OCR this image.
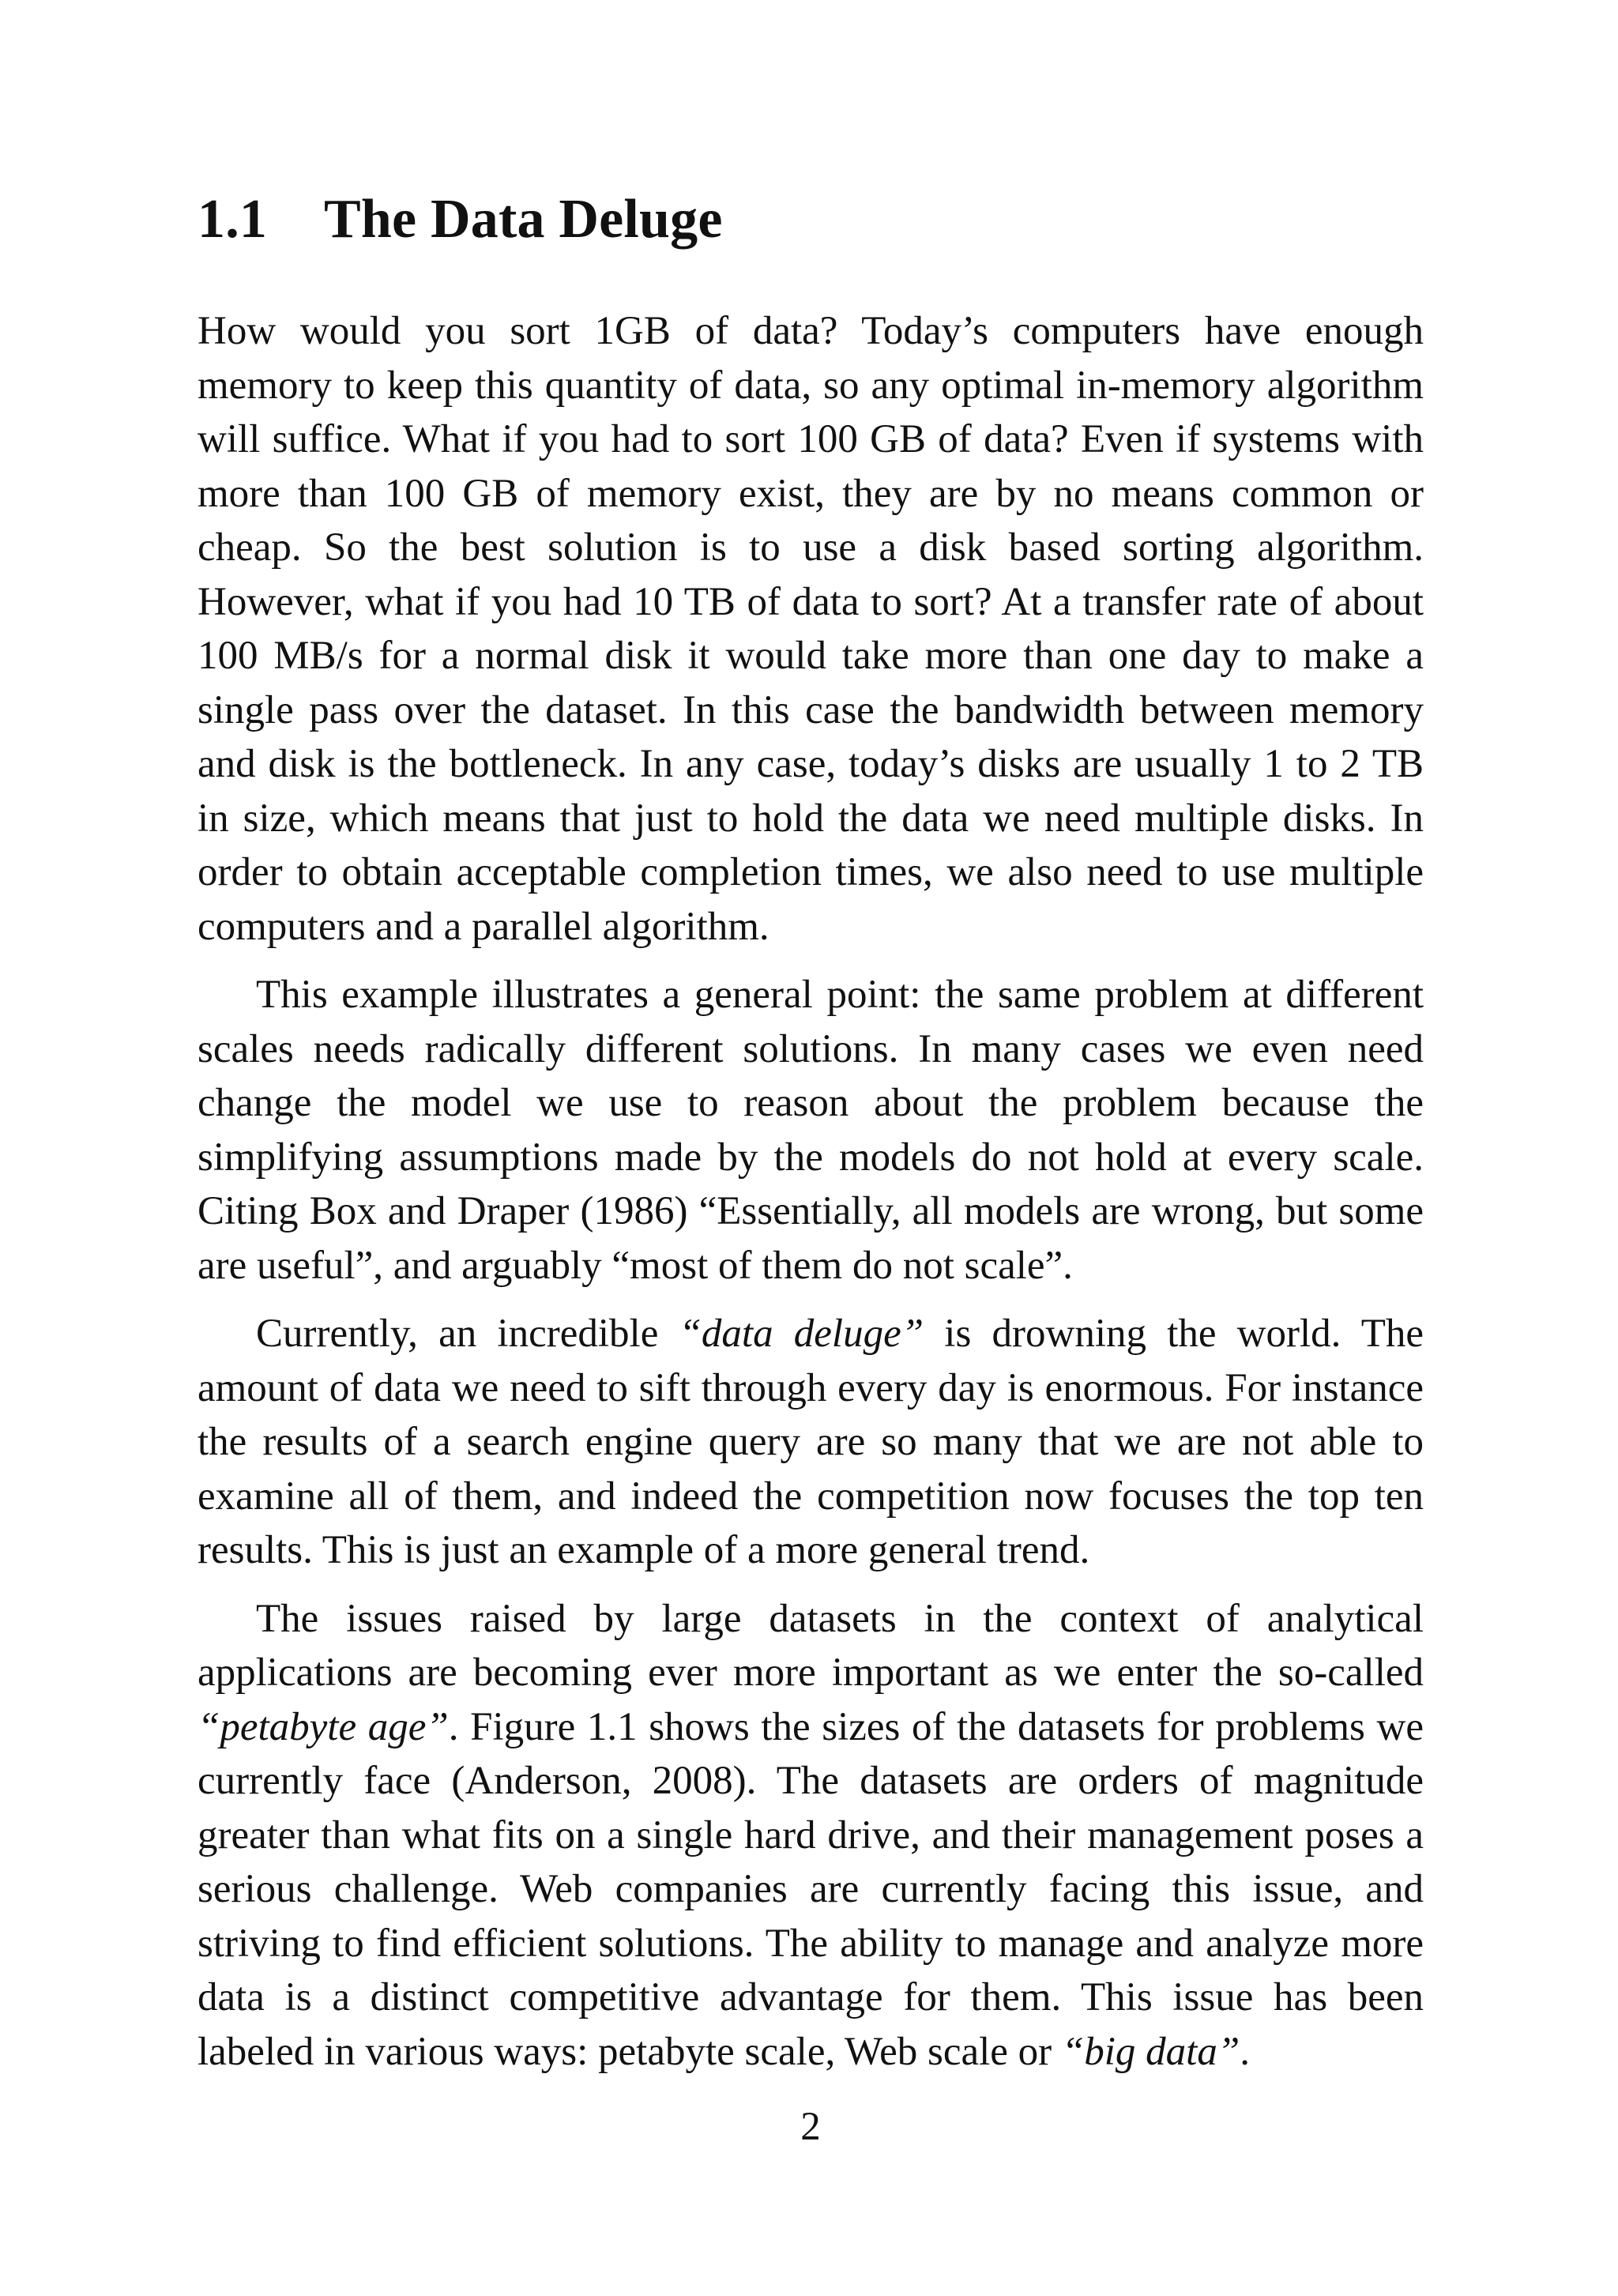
1.1 The Data Deluge

How would you sort 1GB of data? Today’s computers have enough memory to keep this quantity of data, so any optimal in-memory algorithm will suffice. What if you had to sort 100 GB of data? Even if systems with more than 100 GB of memory exist, they are by no means common or cheap. So the best solution is to use a disk based sorting algorithm. However, what if you had 10 TB of data to sort? At a transfer rate of about 100 MB/s for a normal disk it would take more than one day to make a single pass over the dataset. In this case the bandwidth between memory and disk is the bottleneck. In any case, today’s disks are usually 1 to 2 TB in size, which means that just to hold the data we need multiple disks. In order to obtain acceptable completion times, we also need to use multiple computers and a parallel algorithm.

This example illustrates a general point: the same problem at different scales needs radically different solutions. In many cases we even need change the model we use to reason about the problem because the simplifying assumptions made by the models do not hold at every scale. Citing Box and Draper (1986) “Essentially, all models are wrong, but some are useful”, and arguably “most of them do not scale”.

Currently, an incredible “data deluge” is drowning the world. The amount of data we need to sift through every day is enormous. For instance the results of a search engine query are so many that we are not able to examine all of them, and indeed the competition now focuses the top ten results. This is just an example of a more general trend.

The issues raised by large datasets in the context of analytical applications are becoming ever more important as we enter the so-called “petabyte age”. Figure 1.1 shows the sizes of the datasets for problems we currently face (Anderson, 2008). The datasets are orders of magnitude greater than what fits on a single hard drive, and their management poses a serious challenge. Web companies are currently facing this issue, and striving to find efficient solutions. The ability to manage and analyze more data is a distinct competitive advantage for them. This issue has been labeled in various ways: petabyte scale, Web scale or “big data”.

2
